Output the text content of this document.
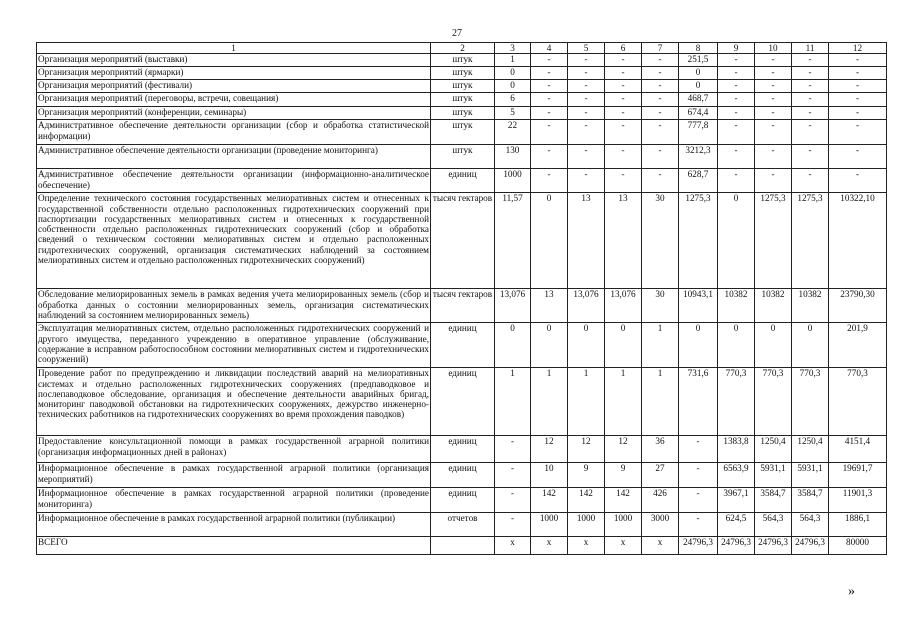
27
1	2	3	4	5	6	7	8	9	10	11	12
Организация мероприятий (выставки)	штук	1	-	-	-	-	251,5	-	-	-	-
Организация мероприятий (ярмарки)	штук	0	-	-	-	-	0	-	-	-	-
Организация мероприятий (фестивали)	штук	0	-	-	-	-	0	-	-	-	-
Организация мероприятий (переговоры, встречи, совещания)	штук	6	-	-	-	-	468,7	-	-	-	-
Организация мероприятий (конференции, семинары)	штук	5	-	-	-	-	674,4	-	-	-	-
Административное обеспечение деятельности организации (сбор и обработка статистической информации)	штук	22	-	-	-	-	777,8	-	-	-	-
Административное обеспечение деятельности организации (проведение мониторинга)	штук	130	-	-	-	-	3212,3	-	-	-	-
Административное обеспечение деятельности организации (информационно-аналитическое обеспечение)	единиц	1000	-	-	-	-	628,7	-	-	-	-
Определение технического состояния государственных мелиоративных систем и отнесенных к государственной собственности отдельно расположенных гидротехнических сооружений при паспортизации государственных мелиоративных систем и отнесенных к государственной собственности отдельно расположенных гидротехнических сооружений (сбор и обработка сведений о техническом состоянии мелиоративных систем и отдельно расположенных гидротехнических сооружений, организация систематических наблюдений за состоянием мелиоративных систем и отдельно расположенных гидротехнических сооружений)	тысяч гектаров	11,57	0	13	13	30	1275,3	0	1275,3	1275,3	10322,10
Обследование мелиорированных земель в рамках ведения учета мелиорированных земель (сбор и обработка данных о состоянии мелиорированных земель, организация систематических наблюдений за состоянием мелиорированных земель)	тысяч гектаров	13,076	13	13,076	13,076	30	10943,1	10382	10382	10382	23790,30
Эксплуатация мелиоративных систем, отдельно расположенных гидротехнических сооружений и другого имущества, переданного учреждению в оперативное управление (обслуживание, содержание в исправном работоспособном состоянии мелиоративных систем и гидротехнических сооружений)	единиц	0	0	0	0	1	0	0	0	0	201,9
Проведение работ по предупреждению и ликвидации последствий аварий на мелиоративных системах и отдельно расположенных гидротехнических сооружениях (предпаводковое и послепаводковое обследование, организация и обеспечение деятельности аварийных бригад, мониторинг паводковой обстановки на гидротехнических сооружениях, дежурство инженерно-технических работников на гидротехнических сооружениях во время прохождения паводков)	единиц	1	1	1	1	1	731,6	770,3	770,3	770,3	770,3
Предоставление консультационной помощи в рамках государственной аграрной политики (организация информационных дней в районах)	единиц	-	12	12	12	36	-	1383,8	1250,4	1250,4	4151,4
Информационное обеспечение в рамках государственной аграрной политики (организация мероприятий)	единиц	-	10	9	9	27	-	6563,9	5931,1	5931,1	19691,7
Информационное обеспечение в рамках государственной аграрной политики (проведение мониторинга)	единиц	-	142	142	142	426	-	3967,1	3584,7	3584,7	11901,3
Информационное обеспечение в рамках государственной аграрной политики (публикации)	отчетов	-	1000	1000	1000	3000	-	624,5	564,3	564,3	1886,1
ВСЕГО		x	x	x	x	x	24796,3	24796,3	24796,3	24796,3	80000
»
